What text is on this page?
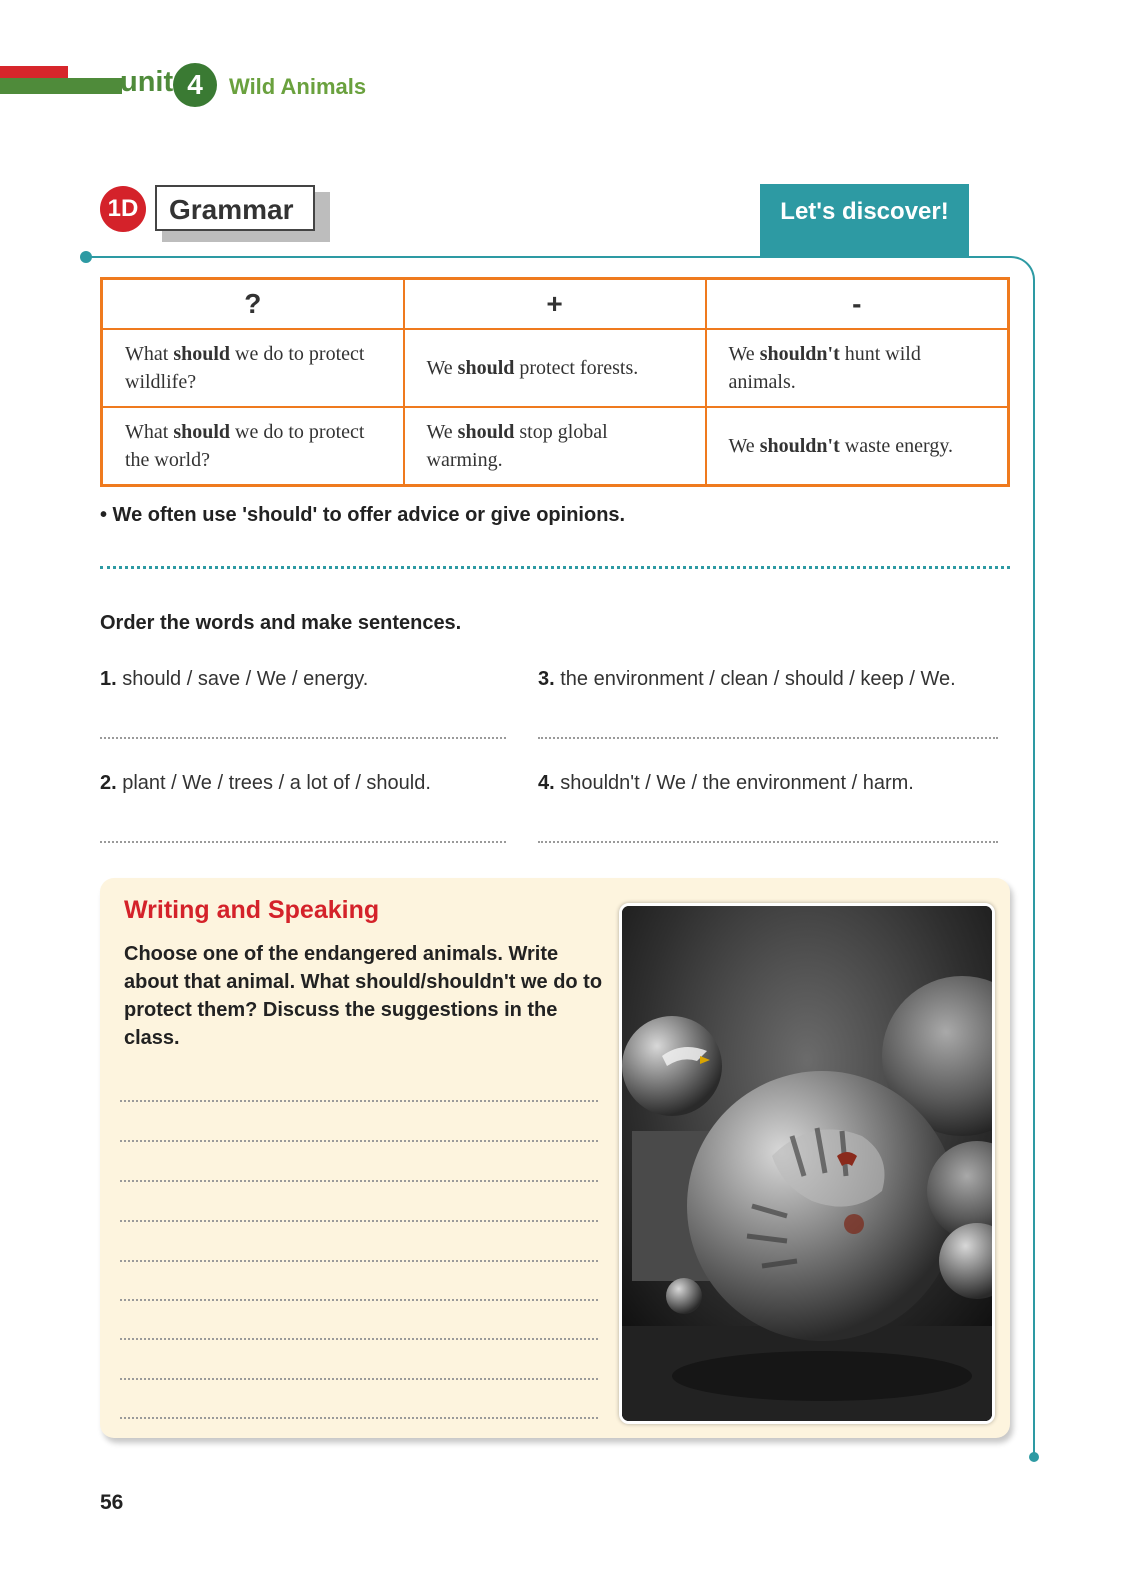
unit 4	Wild Animals
1D	Grammar	Let's discover!
?	+	-
What should we do to protect wildlife?	We should protect forests.	We shouldn't hunt wild animals.
What should we do to protect the world?	We should stop global warming.	We shouldn't waste energy.
• We often use 'should' to offer advice or give opinions.
Order the words and make sentences.
1. should / save / We / energy.
2. plant / We / trees / a lot of / should.
3. the environment / clean / should / keep / We.
4. shouldn't / We / the environment / harm.
Writing and Speaking
Choose one of the endangered animals. Write about that animal. What should/shouldn't we do to protect them? Discuss the suggestions in the class.
56
